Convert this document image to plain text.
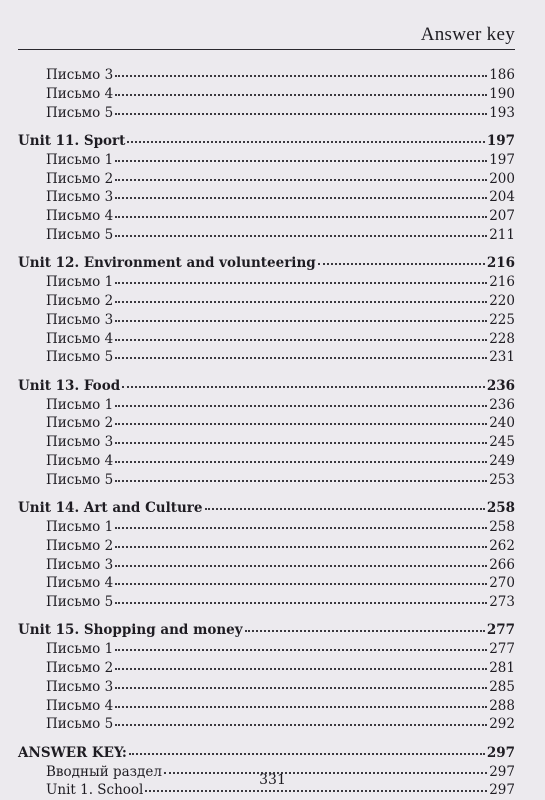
Answer key
Письмо 3	186
Письмо 4	190
Письмо 5	193
Unit 11. Sport	197
Письмо 1	197
Письмо 2	200
Письмо 3	204
Письмо 4	207
Письмо 5	211
Unit 12. Environment and volunteering	216
Письмо 1	216
Письмо 2	220
Письмо 3	225
Письмо 4	228
Письмо 5	231
Unit 13. Food	236
Письмо 1	236
Письмо 2	240
Письмо 3	245
Письмо 4	249
Письмо 5	253
Unit 14. Art and Culture	258
Письмо 1	258
Письмо 2	262
Письмо 3	266
Письмо 4	270
Письмо 5	273
Unit 15. Shopping and money	277
Письмо 1	277
Письмо 2	281
Письмо 3	285
Письмо 4	288
Письмо 5	292
ANSWER KEY:	297
Вводный раздел	297
Unit 1. School	297
331
